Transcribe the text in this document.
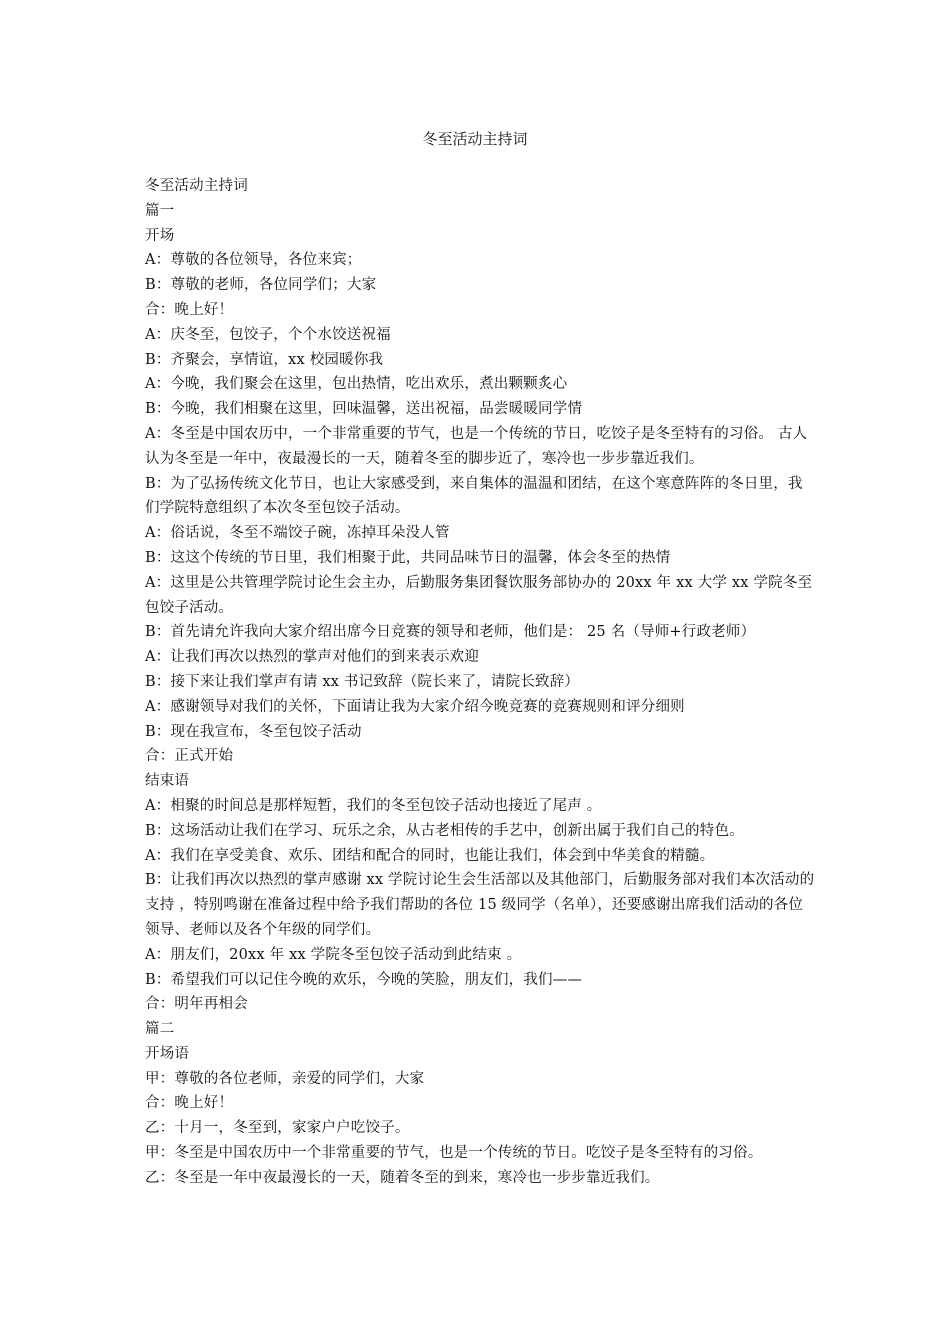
冬至活动主持词

冬至活动主持词

篇一

开场

A：尊敬的各位领导，各位来宾；

B：尊敬的老师，各位同学们；大家

合：晚上好！

A：庆冬至，包饺子，个个水饺送祝福

B：齐聚会，享情谊，xx 校园暖你我

A：今晚，我们聚会在这里，包出热情，吃出欢乐，煮出颗颗炙心

B：今晚，我们相聚在这里，回味温馨，送出祝福，品尝暖暖同学情

A：冬至是中国农历中，一个非常重要的节气，也是一个传统的节日，吃饺子是冬至特有的习俗。 古人认为冬至是一年中，夜最漫长的一天，随着冬至的脚步近了，寒冷也一步步靠近我们。

B：为了弘扬传统文化节日，也让大家感受到，来自集体的温温和团结，在这个寒意阵阵的冬日里，我们学院特意组织了本次冬至包饺子活动。

A：俗话说，冬至不端饺子碗，冻掉耳朵没人管

B：这这个传统的节日里，我们相聚于此，共同品味节日的温馨，体会冬至的热情

A：这里是公共管理学院讨论生会主办，后勤服务集团餐饮服务部协办的 20xx 年 xx 大学 xx 学院冬至包饺子活动。

B：首先请允许我向大家介绍出席今日竞赛的领导和老师，他们是： 25 名（导师+行政老师）

A：让我们再次以热烈的掌声对他们的到来表示欢迎

B：接下来让我们掌声有请 xx 书记致辞（院长来了，请院长致辞）

A：感谢领导对我们的关怀，下面请让我为大家介绍今晚竞赛的竞赛规则和评分细则

B：现在我宣布，冬至包饺子活动

合：正式开始

结束语

A：相聚的时间总是那样短暂，我们的冬至包饺子活动也接近了尾声 。

B：这场活动让我们在学习、玩乐之余，从古老相传的手艺中，创新出属于我们自己的特色。

A：我们在享受美食、欢乐、团结和配合的同时，也能让我们，体会到中华美食的精髓。

B：让我们再次以热烈的掌声感谢 xx 学院讨论生会生活部以及其他部门，后勤服务部对我们本次活动的支持 ，特别鸣谢在准备过程中给予我们帮助的各位 15 级同学（名单），还要感谢出席我们活动的各位领导、老师以及各个年级的同学们。

A：朋友们，20xx 年 xx 学院冬至包饺子活动到此结束 。

B：希望我们可以记住今晚的欢乐，今晚的笑脸，朋友们，我们——

合：明年再相会

篇二

开场语

甲：尊敬的各位老师，亲爱的同学们，大家

合：晚上好！

乙：十月一，冬至到，家家户户吃饺子。

甲：冬至是中国农历中一个非常重要的节气，也是一个传统的节日。吃饺子是冬至特有的习俗。

乙：冬至是一年中夜最漫长的一天，随着冬至的到来，寒冷也一步步靠近我们。
